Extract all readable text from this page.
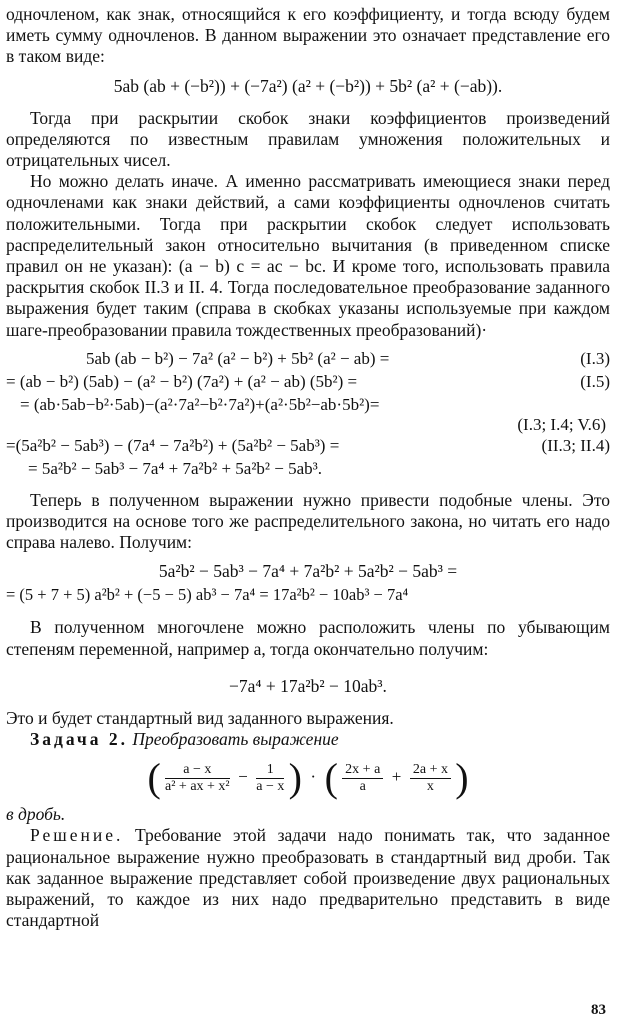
одночленом, как знак, относящийся к его коэффициенту, и тогда всюду будем иметь сумму одночленов. В данном выражении это означает представление его в таком виде:

5ab (ab + (−b²)) + (−7a²) (a² + (−b²)) + 5b² (a² + (−ab)).

Тогда при раскрытии скобок знаки коэффициентов произведений определяются по известным правилам умножения положительных и отрицательных чисел.

Но можно делать иначе. А именно рассматривать имеющиеся знаки перед одночленами как знаки действий, а сами коэффициенты одночленов считать положительными. Тогда при раскрытии скобок следует использовать распределительный закон относительно вычитания (в приведенном списке правил он не указан): (a − b) c = ac − bc. И кроме того, использовать правила раскрытия скобок II.3 и II. 4. Тогда последовательное преобразование заданного выражения будет таким (справа в скобках указаны используемые при каждом шаге-преобразовании правила тождественных преобразований)·

5ab (ab − b²) − 7a² (a² − b²) + 5b² (a² − ab) =	(I.3)
= (ab − b²) (5ab) − (a² − b²) (7a²) + (a² − ab) (5b²) =	(I.5)
= (ab·5ab−b²·5ab)−(a²·7a²−b²·7a²)+(a²·5b²−ab·5b²)=
(I.3; I.4; V.6)
=(5a²b² − 5ab³) − (7a⁴ − 7a²b²) + (5a²b² − 5ab³) =	(II.3; II.4)
= 5a²b² − 5ab³ − 7a⁴ + 7a²b² + 5a²b² − 5ab³.

Теперь в полученном выражении нужно привести подобные члены. Это производится на основе того же распределительного закона, но читать его надо справа налево. Получим:

5a²b² − 5ab³ − 7a⁴ + 7a²b² + 5a²b² − 5ab³ =

= (5 + 7 + 5) a²b² + (−5 − 5) ab³ − 7a⁴ = 17a²b² − 10ab³ − 7a⁴

В полученном многочлене можно расположить члены по убывающим степеням переменной, например a, тогда окончательно получим:

−7a⁴ + 17a²b² − 10ab³.

Это и будет стандартный вид заданного выражения.

Задача 2. Преобразовать выражение

( $\frac{a - x}{\text{a² + ax + x²}} - \frac{1}{a - x}$ )  ·  ( $\frac{2x + a}{a} + \frac{2a + x}{x}$ )

в дробь.

Решение. Требование этой задачи надо понимать так, что заданное рациональное выражение нужно преобразовать в стандартный вид дроби. Так как заданное выражение представляет собой произведение двух рациональных выражений, то каждое из них надо предварительно представить в виде стандартной

83
